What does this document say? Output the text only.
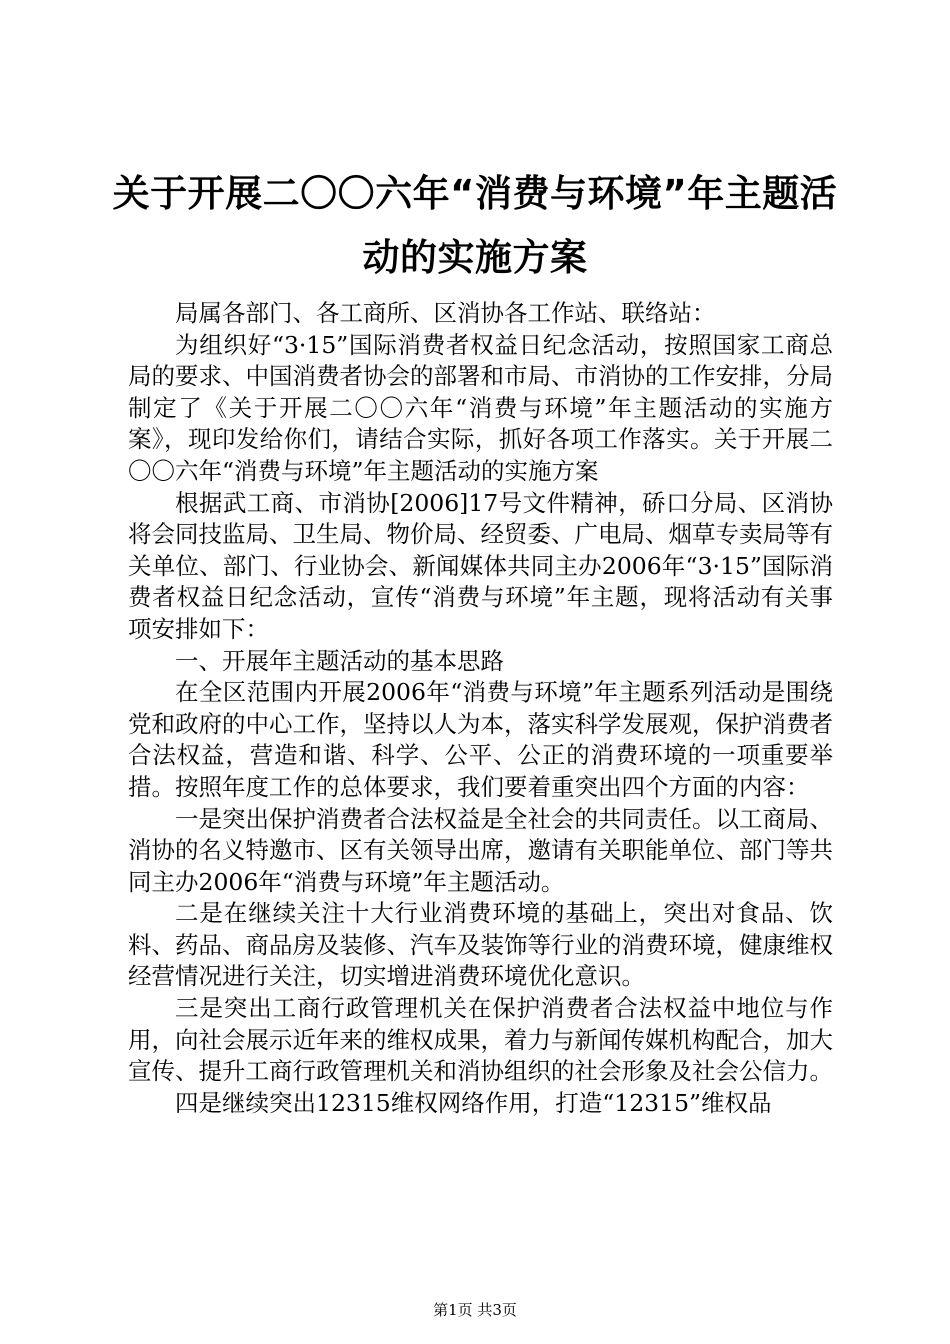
关于开展二〇〇六年“消费与环境”年主题活动的实施方案

局属各部门、各工商所、区消协各工作站、联络站：

为组织好“3·15”国际消费者权益日纪念活动，按照国家工商总局的要求、中国消费者协会的部署和市局、市消协的工作安排，分局制定了《关于开展二〇〇六年“消费与环境”年主题活动的实施方案》，现印发给你们，请结合实际，抓好各项工作落实。关于开展二〇〇六年“消费与环境”年主题活动的实施方案

根据武工商、市消协[2006]17号文件精神，硚口分局、区消协将会同技监局、卫生局、物价局、经贸委、广电局、烟草专卖局等有关单位、部门、行业协会、新闻媒体共同主办2006年“3·15”国际消费者权益日纪念活动，宣传“消费与环境”年主题，现将活动有关事项安排如下：

一、开展年主题活动的基本思路

在全区范围内开展2006年“消费与环境”年主题系列活动是围绕党和政府的中心工作，坚持以人为本，落实科学发展观，保护消费者合法权益，营造和谐、科学、公平、公正的消费环境的一项重要举措。按照年度工作的总体要求，我们要着重突出四个方面的内容：

一是突出保护消费者合法权益是全社会的共同责任。以工商局、消协的名义特邀市、区有关领导出席，邀请有关职能单位、部门等共同主办2006年“消费与环境”年主题活动。

二是在继续关注十大行业消费环境的基础上，突出对食品、饮料、药品、商品房及装修、汽车及装饰等行业的消费环境，健康维权经营情况进行关注，切实增进消费环境优化意识。

三是突出工商行政管理机关在保护消费者合法权益中地位与作用，向社会展示近年来的维权成果，着力与新闻传媒机构配合，加大宣传、提升工商行政管理机关和消协组织的社会形象及社会公信力。

四是继续突出12315维权网络作用，打造“12315”维权品

第1页 共3页
